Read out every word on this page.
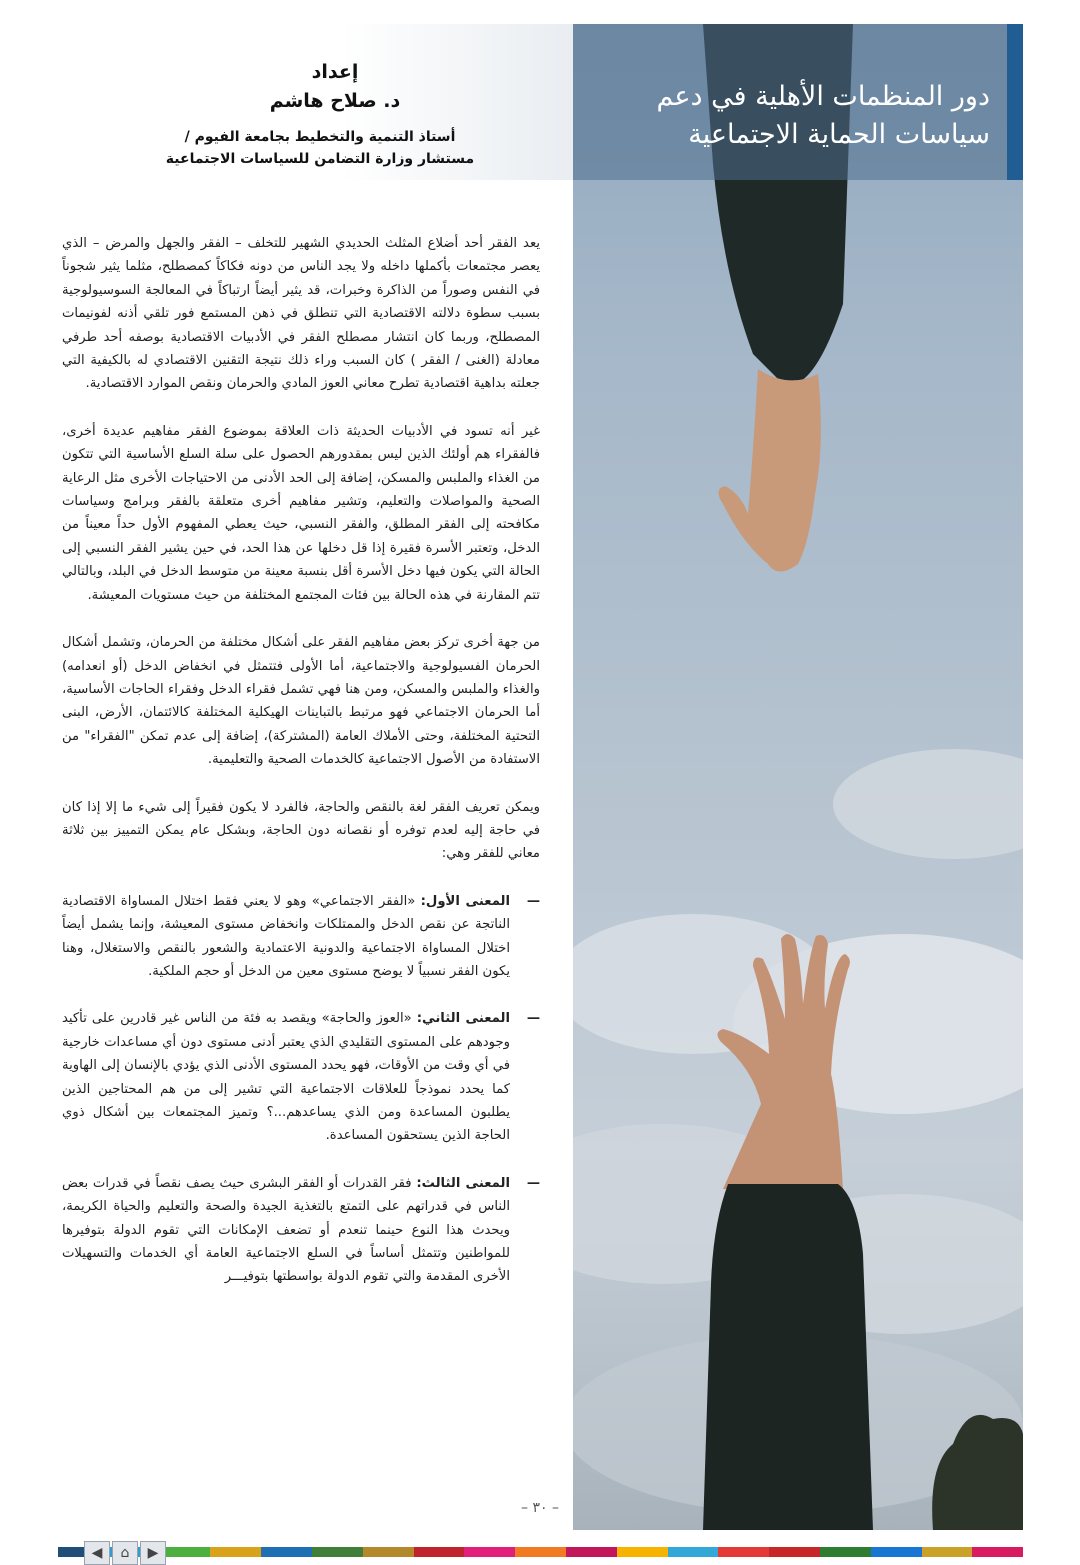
إعداد
د. صلاح هاشم
أستاذ التنمية والتخطيط بجامعة الفيوم /
مستشار وزارة التضامن للسياسات الاجتماعية
دور المنظمات الأهلية في دعم
سياسات الحماية الاجتماعية

يعد الفقر أحد أضلاع المثلث الحديدي الشهير للتخلف – الفقر والجهل والمرض – الذي يعصر مجتمعات بأكملها داخله ولا يجد الناس من دونه فكاكاً كمصطلح، مثلما يثير شجوناً في النفس وصوراً من الذاكرة وخبرات، قد يثير أيضاً ارتباكاً في المعالجة السوسيولوجية بسبب سطوة دلالته الاقتصادية التي تنطلق في ذهن المستمع فور تلقي أذنه لفونيمات المصطلح، وربما كان انتشار مصطلح الفقر في الأدبيات الاقتصادية بوصفه أحد طرفي معادلة (الغنى / الفقر ) كان السبب وراء ذلك نتيجة التقنين الاقتصادي له بالكيفية التي جعلته بداهية اقتصادية تطرح معاني العوز المادي والحرمان ونقص الموارد الاقتصادية.

غير أنه تسود في الأدبيات الحديثة ذات العلاقة بموضوع الفقر مفاهيم عديدة أخرى، فالفقراء هم أولئك الذين ليس بمقدورهم الحصول على سلة السلع الأساسية التي تتكون من الغذاء والملبس والمسكن، إضافة إلى الحد الأدنى من الاحتياجات الأخرى مثل الرعاية الصحية والمواصلات والتعليم، وتشير مفاهيم أخرى متعلقة بالفقر وبرامج وسياسات مكافحته إلى الفقر المطلق، والفقر النسبي، حيث يعطي المفهوم الأول حداً معيناً من الدخل، وتعتبر الأسرة فقيرة إذا قل دخلها عن هذا الحد، في حين يشير الفقر النسبي إلى الحالة التي يكون فيها دخل الأسرة أقل بنسبة معينة من متوسط الدخل في البلد، وبالتالي تتم المقارنة في هذه الحالة بين فئات المجتمع المختلفة من حيث مستويات المعيشة.

من جهة أخرى تركز بعض مفاهيم الفقر على أشكال مختلفة من الحرمان، وتشمل أشكال الحرمان الفسيولوجية والاجتماعية، أما الأولى فتتمثل في انخفاض الدخل (أو انعدامه) والغذاء والملبس والمسكن، ومن هنا فهي تشمل فقراء الدخل وفقراء الحاجات الأساسية، أما الحرمان الاجتماعي فهو مرتبط بالتباينات الهيكلية المختلفة كالائتمان، الأرض، البنى التحتية المختلفة، وحتى الأملاك العامة (المشتركة)، إضافة إلى عدم تمكن "الفقراء" من الاستفادة من الأصول الاجتماعية كالخدمات الصحية والتعليمية.

ويمكن تعريف الفقر لغة بالنقص والحاجة، فالفرد لا يكون فقيراً إلى شيء ما إلا إذا كان في حاجة إليه لعدم توفره أو نقصانه دون الحاجة، وبشكل عام يمكن التمييز بين ثلاثة معاني للفقر وهي:

—
المعنى الأول: «الفقر الاجتماعي» وهو لا يعني فقط اختلال المساواة الاقتصادية الناتجة عن نقص الدخل والممتلكات وانخفاض مستوى المعيشة، وإنما يشمل أيضاً اختلال المساواة الاجتماعية والدونية الاعتمادية والشعور بالنقص والاستغلال، وهنا يكون الفقر نسبياً لا يوضح مستوى معين من الدخل أو حجم الملكية.
—
المعنى الثاني: «العوز والحاجة» ويقصد به فئة من الناس غير قادرين على تأكيد وجودهم على المستوى التقليدي الذي يعتبر أدنى مستوى دون أي مساعدات خارجية في أي وقت من الأوقات، فهو يحدد المستوى الأدنى الذي يؤدي بالإنسان إلى الهاوية كما يحدد نموذجاً للعلاقات الاجتماعية التي تشير إلى من هم المحتاجين الذين يطلبون المساعدة ومن الذي يساعدهم...؟ وتميز المجتمعات بين أشكال ذوي الحاجة الذين يستحقون المساعدة.
—
المعنى الثالث: فقر القدرات أو الفقر البشرى حيث يصف نقصاً في قدرات بعض الناس في قدراتهم على التمتع بالتغذية الجيدة والصحة والتعليم والحياة الكريمة، ويحدث هذا النوع حينما تنعدم أو تضعف الإمكانات التي تقوم الدولة بتوفيرها للمواطنين وتتمثل أساساً في السلع الاجتماعية العامة أي الخدمات والتسهيلات الأخرى المقدمة والتي تقوم الدولة بواسطتها بتوفيـــر
– ٣٠ –
◀	⌂	▶
